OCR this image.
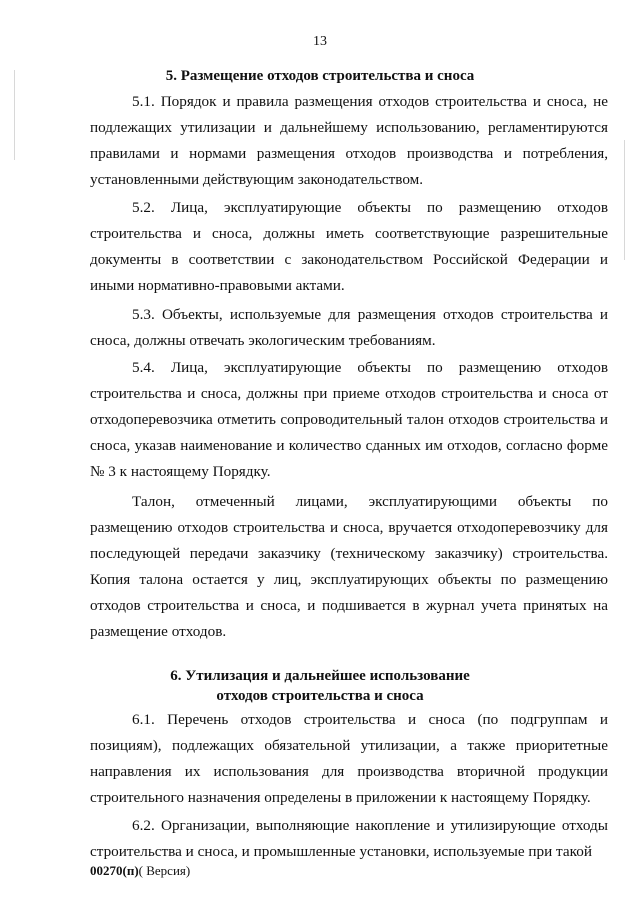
13
5. Размещение отходов строительства и сноса

5.1. Порядок и правила размещения отходов строительства и сноса, не подлежащих утилизации и дальнейшему использованию, регламентируются правилами и нормами размещения отходов производства и потребления, установленными действующим законодательством.

5.2. Лица, эксплуатирующие объекты по размещению отходов строительства и сноса, должны иметь соответствующие разрешительные документы в соответствии с законодательством Российской Федерации и иными нормативно-правовыми актами.

5.3. Объекты, используемые для размещения отходов строительства и сноса, должны отвечать экологическим требованиям.

5.4. Лица, эксплуатирующие объекты по размещению отходов строительства и сноса, должны при приеме отходов строительства и сноса от отходоперевозчика отметить сопроводительный талон отходов строительства и сноса, указав наименование и количество сданных им отходов, согласно форме № 3 к настоящему Порядку.

Талон, отмеченный лицами, эксплуатирующими объекты по размещению отходов строительства и сноса, вручается отходоперевозчику для последующей передачи заказчику (техническому заказчику) строительства. Копия талона остается у лиц, эксплуатирующих объекты по размещению отходов строительства и сноса, и подшивается в журнал учета принятых на размещение отходов.

6. Утилизация и дальнейшее использование
отходов строительства и сноса

6.1. Перечень отходов строительства и сноса (по подгруппам и позициям), подлежащих обязательной утилизации, а также приоритетные направления их использования для производства вторичной продукции строительного назначения определены в приложении к настоящему Порядку.

6.2. Организации, выполняющие накопление и утилизирующие отходы строительства и сноса, и промышленные установки, используемые при такой

00270(п)( Версия)
